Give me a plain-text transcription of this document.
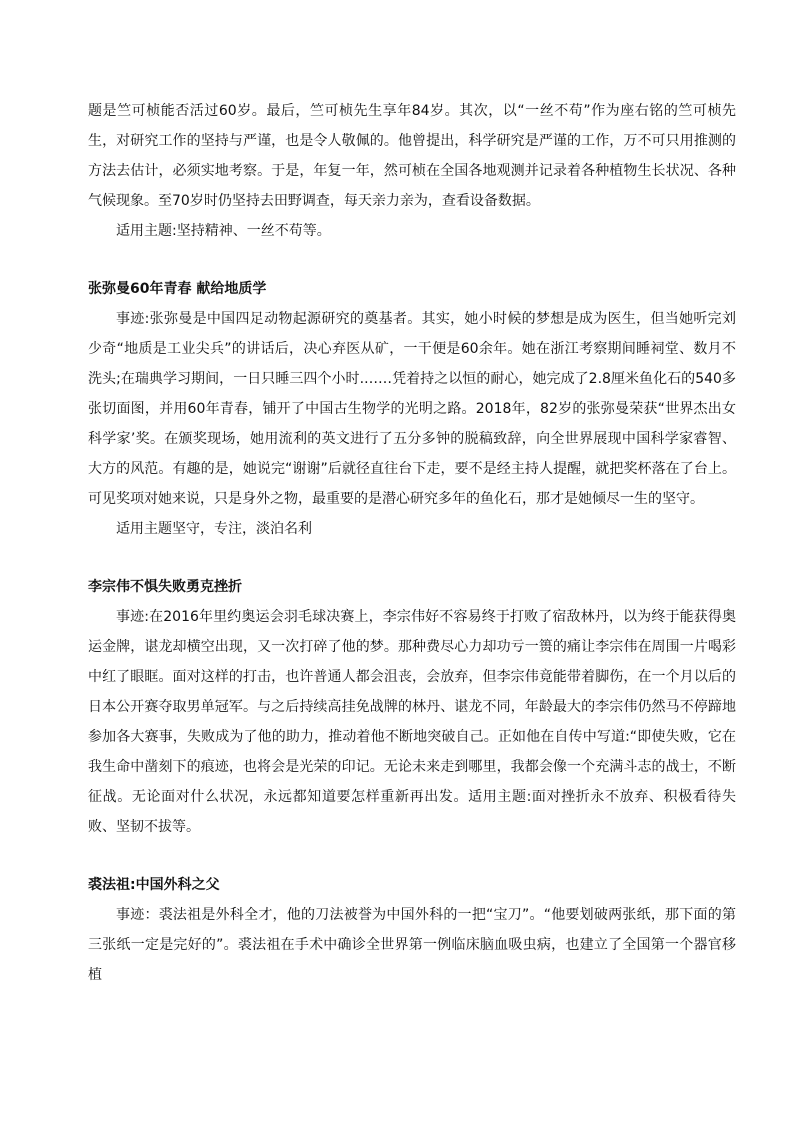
题是竺可桢能否活过60岁。最后，竺可桢先生享年84岁。其次，以“一丝不苟”作为座右铭的竺可桢先生，对研究工作的坚持与严谨，也是令人敬佩的。他曾提出，科学研究是严谨的工作，万不可只用推测的方法去估计，必须实地考察。于是，年复一年，然可桢在全国各地观测并记录着各种植物生长状况、各种气候现象。至70岁时仍坚持去田野调查，每天亲力亲为，查看设备数据。

适用主题:坚持精神、一丝不苟等。

张弥曼60年青春 献给地质学

事迹:张弥曼是中国四足动物起源研究的奠基者。其实，她小时候的梦想是成为医生，但当她听完刘少奇“地质是工业尖兵”的讲话后，决心弃医从矿，一干便是60余年。她在浙江考察期间睡祠堂、数月不洗头;在瑞典学习期间，一日只睡三四个小时.……凭着持之以恒的耐心，她完成了2.8厘米鱼化石的540多张切面图，并用60年青春，铺开了中国古生物学的光明之路。2018年，82岁的张弥曼荣获“世界杰出女科学家’奖。在颁奖现场，她用流利的英文进行了五分多钟的脱稿致辞，向全世界展现中国科学家睿智、大方的风范。有趣的是，她说完“谢谢”后就径直往台下走，要不是经主持人提醒，就把奖杯落在了台上。可见奖项对她来说，只是身外之物，最重要的是潜心研究多年的鱼化石，那才是她倾尽一生的坚守。

适用主题坚守，专注，淡泊名利

李宗伟不惧失败勇克挫折

事迹:在2016年里约奥运会羽毛球决赛上，李宗伟好不容易终于打败了宿敌林丹，以为终于能获得奥运金牌，谌龙却横空出现，又一次打碎了他的梦。那种费尽心力却功亏一篑的痛让李宗伟在周围一片喝彩中红了眼眶。面对这样的打击，也许普通人都会沮丧，会放弃，但李宗伟竟能带着脚伤，在一个月以后的日本公开赛夺取男单冠军。与之后持续高挂免战牌的林丹、谌龙不同，年龄最大的李宗伟仍然马不停蹄地参加各大赛事，失败成为了他的助力，推动着他不断地突破自己。正如他在自传中写道:“即使失败，它在我生命中凿刻下的痕迹，也将会是光荣的印记。无论未来走到哪里，我都会像一个充满斗志的战士，不断征战。无论面对什么状况，永远都知道要怎样重新再出发。适用主题:面对挫折永不放弃、积极看待失败、坚韧不拔等。

裘法祖:中国外科之父

事迹：裘法祖是外科全才，他的刀法被誉为中国外科的一把“宝刀”。“他要划破两张纸，那下面的第三张纸一定是完好的”。裘法祖在手术中确诊全世界第一例临床脑血吸虫病，也建立了全国第一个器官移植
